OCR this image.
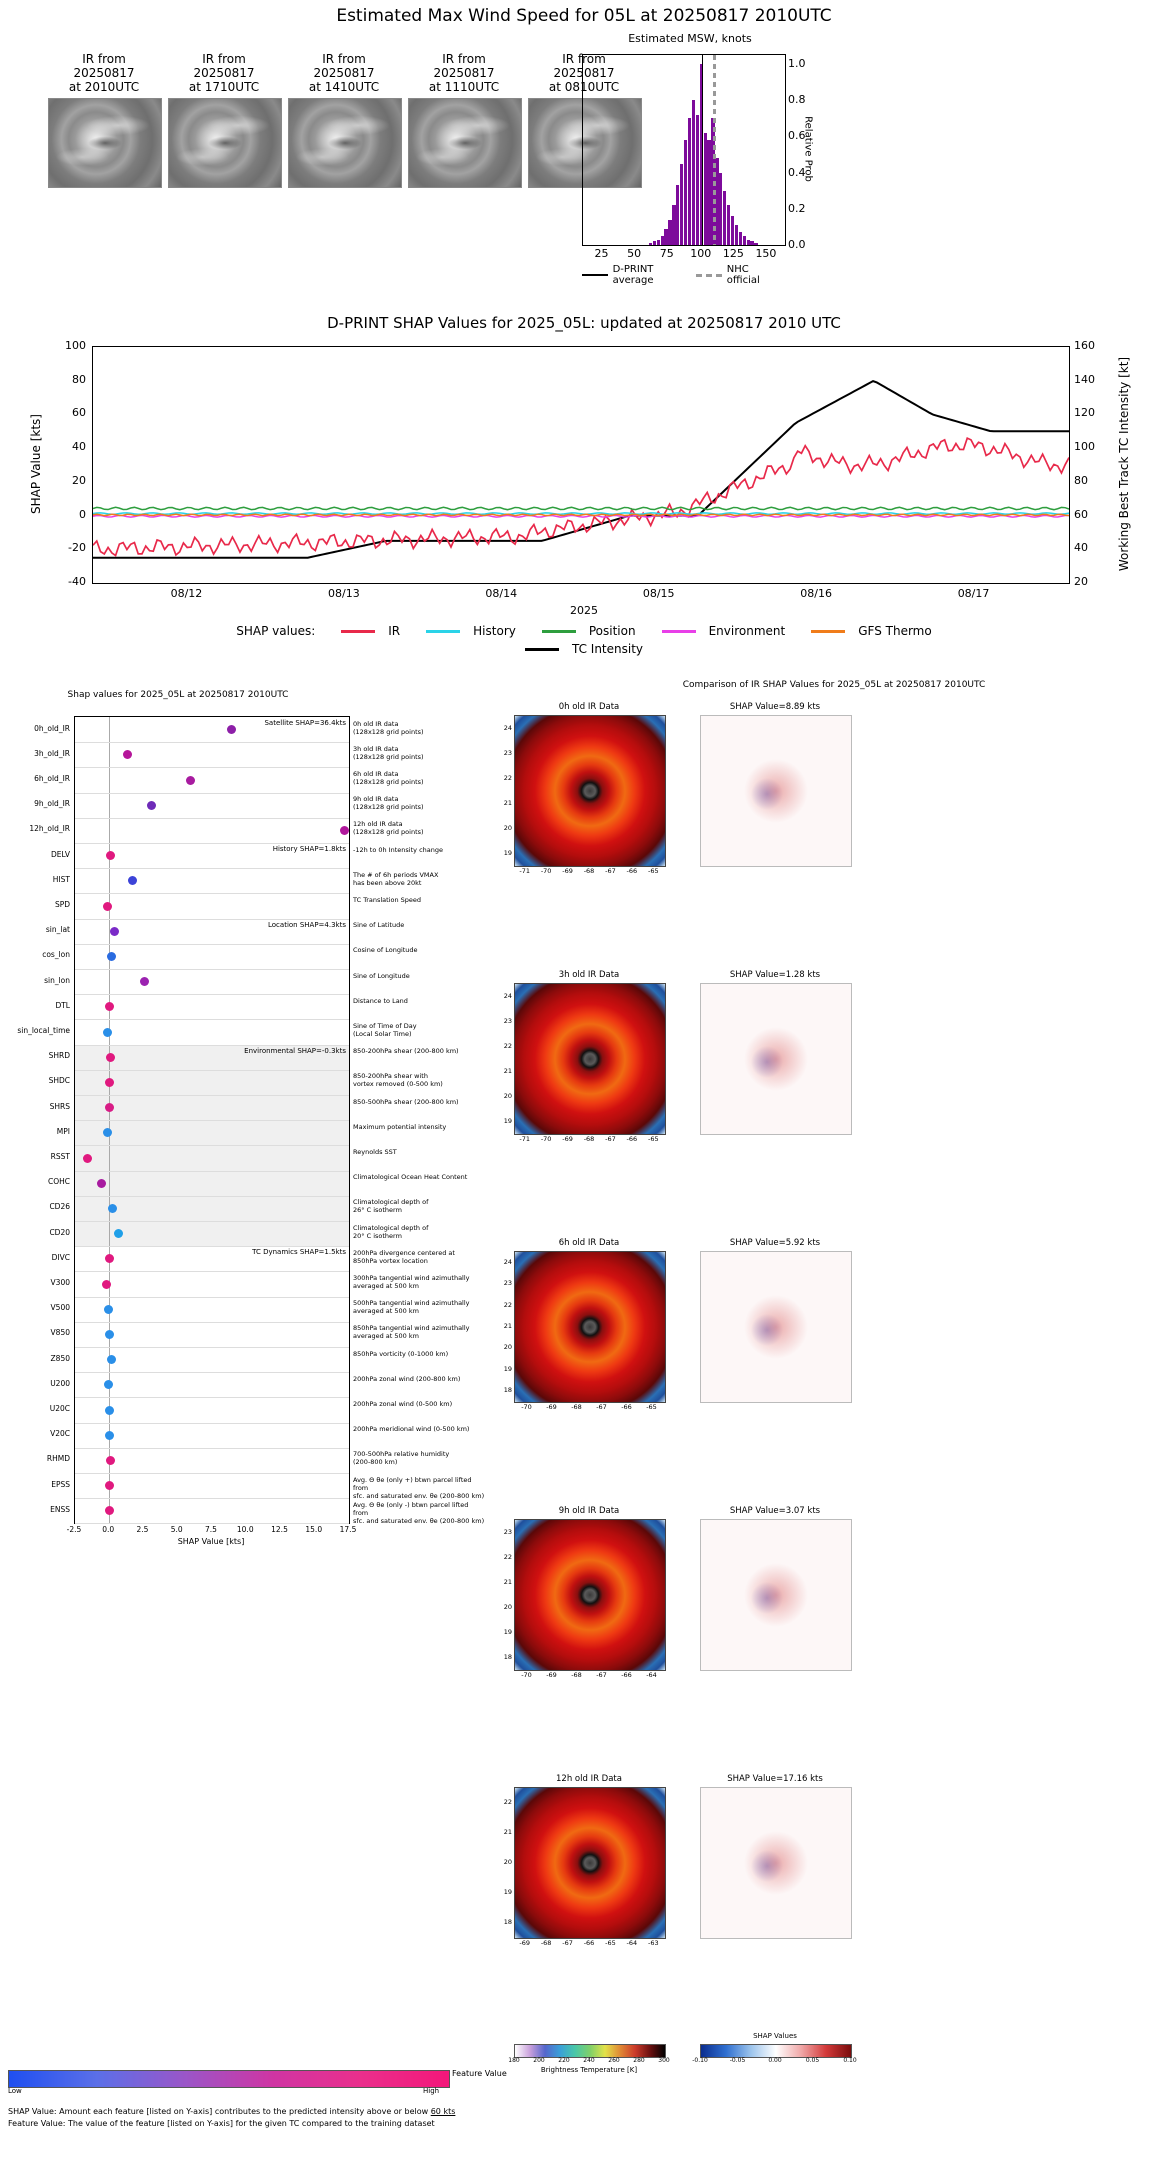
Estimated Max Wind Speed for 05L at 20250817 2010UTC
IR from
20250817
at 2010UTC
IR from
20250817
at 1710UTC
IR from
20250817
at 1410UTC
IR from
20250817
at 1110UTC
IR from
20250817
at 0810UTC
Estimated MSW, knots
25 50 75 100 125 150
0.0
0.2
0.4
0.6
0.8
1.0
Relative Prob
D-PRINT average
NHC official
D-PRINT SHAP Values for 2025_05L: updated at 20250817 2010 UTC
-40
-20
0
20
40
60
80
100
20
40
60
80
100
120
140
160
08/12	08/13	08/14	08/15	08/16	08/17
SHAP Value [kts]	Working Best Track TC Intensity [kt]
2025
SHAP values:	IR	History	Position	Environment	GFS Thermo
TC Intensity
Shap values for 2025_05L at 20250817 2010UTC
0h_old_IR	0h old IR data
(128x128 grid points)
3h_old_IR	3h old IR data
(128x128 grid points)
6h_old_IR	6h old IR data
(128x128 grid points)
9h_old_IR	9h old IR data
(128x128 grid points)
12h_old_IR	12h old IR data
(128x128 grid points)
DELV	-12h to 0h Intensity change
HIST	The # of 6h periods VMAX
has been above 20kt
SPD	TC Translation Speed
sin_lat	Sine of Latitude
cos_lon	Cosine of Longitude
sin_lon	Sine of Longitude
DTL	Distance to Land
sin_local_time	Sine of Time of Day
(Local Solar Time)
SHRD	850-200hPa shear (200-800 km)
SHDC	850-200hPa shear with
vortex removed (0-500 km)
SHRS	850-500hPa shear (200-800 km)
MPI	Maximum potential intensity
RSST	Reynolds SST
COHC	Climatological Ocean Heat Content
CD26	Climatological depth of
26° C isotherm
CD20	Climatological depth of
20° C isotherm
DIVC	200hPa divergence centered at
850hPa vortex location
V300	300hPa tangential wind azimuthally
averaged at 500 km
V500	500hPa tangential wind azimuthally
averaged at 500 km
V850	850hPa tangential wind azimuthally
averaged at 500 km
Z850	850hPa vorticity (0-1000 km)
U200	200hPa zonal wind (200-800 km)
U20C	200hPa zonal wind (0-500 km)
V20C	200hPa meridional wind (0-500 km)
RHMD	700-500hPa relative humidity
(200-800 km)
EPSS	Avg. Θ θe (only +) btwn parcel lifted from
sfc. and saturated env. θe (200-800 km)
ENSS	Avg. Θ θe (only -) btwn parcel lifted from
sfc. and saturated env. θe (200-800 km)
Satellite SHAP=36.4kts
History SHAP=1.8kts
Location SHAP=4.3kts
Environmental SHAP=-0.3kts
TC Dynamics SHAP=1.5kts
-2.5	0.0	2.5	5.0	7.5	10.0	12.5	15.0	17.5
SHAP Value [kts]
Comparison of IR SHAP Values for 2025_05L at 20250817 2010UTC
0h old IR Data	SHAP Value=8.89 kts
-71	-70	-69	-68	-67	-66	-65
19
20
21
22
23
24
3h old IR Data	SHAP Value=1.28 kts
-71	-70	-69	-68	-67	-66	-65
19
20
21
22
23
24
6h old IR Data	SHAP Value=5.92 kts
-70	-69	-68	-67	-66	-65
18
19
20
21
22
23
24
9h old IR Data	SHAP Value=3.07 kts
-70	-69	-68	-67	-66	-64
18
19
20
21
22
23
12h old IR Data	SHAP Value=17.16 kts
-69	-68	-67	-66	-65	-64	-63
18
19
20
21
22
Brightness Temperature [K]
180	200	220	240	260	280	300
SHAP Values
-0.10	-0.05	0.00	0.05	0.10
Feature Value
Low	High
SHAP Value: Amount each feature [listed on Y-axis] contributes to the predicted intensity above or below 60 kts
Feature Value: The value of the feature [listed on Y-axis] for the given TC compared to the training dataset
